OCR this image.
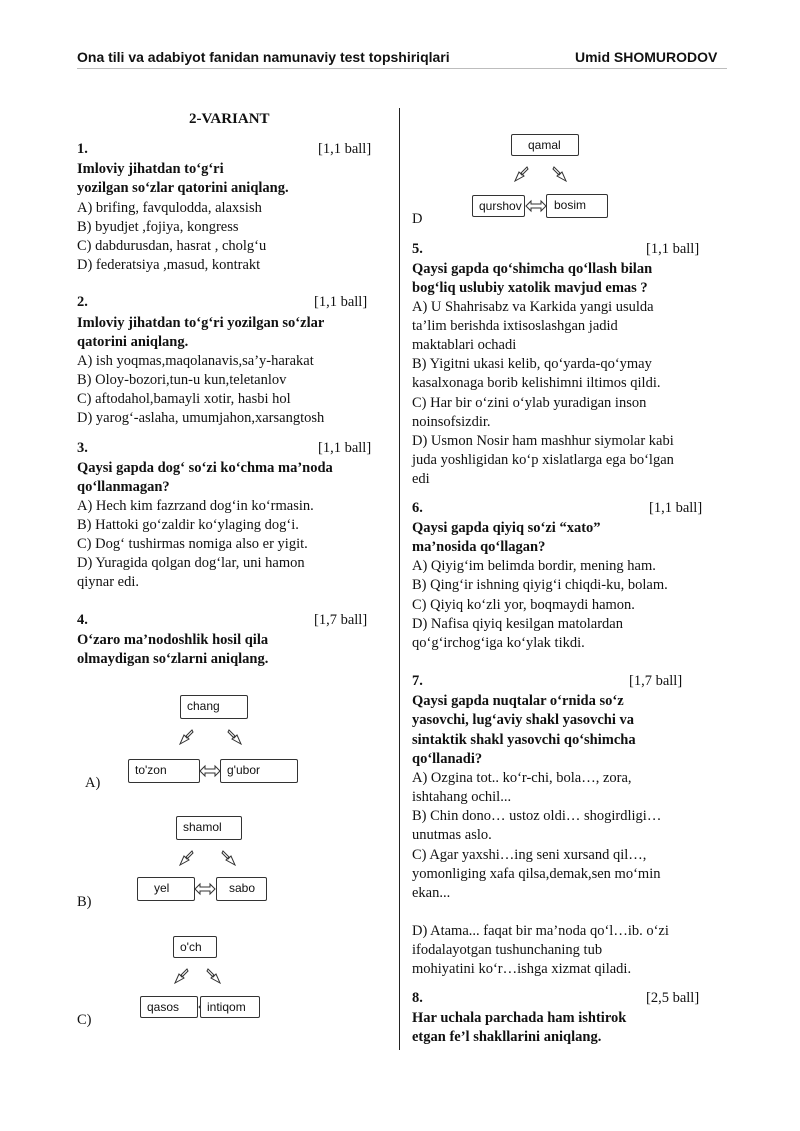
Ona tili va adabiyot fanidan namunaviy test topshiriqlari	Umid SHOMURODOV
2-VARIANT
1.	[1,1 ball]
Imloviy jihatdan to‘g‘ri
yozilgan so‘zlar qatorini aniqlang.
A) brifing, favqulodda, alaxsish
B) byudjet ,fojiya, kongress
C) dabdurusdan, hasrat , cholg‘u
D) federatsiya ,masud, kontrakt
2.	[1,1 ball]
Imloviy jihatdan to‘g‘ri yozilgan so‘zlar
qatorini aniqlang.
A) ish yoqmas,maqolanavis,sa’y-harakat
B) Oloy-bozori,tun-u kun,teletanlov
C) aftodahol,bamayli xotir, hasbi hol
D) yarog‘-aslaha, umumjahon,xarsangtosh
3.	[1,1 ball]
Qaysi gapda dog‘ so‘zi ko‘chma ma’noda
qo‘llanmagan?
A) Hech kim fazrzand dog‘in ko‘rmasin.
B) Hattoki go‘zaldir ko‘ylaging dog‘i.
C) Dog‘ tushirmas nomiga also er yigit.
D) Yuragida qolgan dog‘lar, uni hamon
qiynar edi.
4.	[1,7 ball]
O‘zaro ma’nodoshlik hosil qila
olmaydigan so‘zlarni aniqlang.
chang
to'zon	g'ubor
A)
shamol
yel	sabo
B)
o'ch
qasos	intiqom
C)
qamal
qurshov	bosim
D
5.	[1,1 ball]
Qaysi gapda qo‘shimcha qo‘llash bilan
bog‘liq uslubiy xatolik mavjud emas ?
A) U Shahrisabz va Karkida yangi usulda
ta’lim berishda ixtisoslashgan jadid
maktablari ochadi
B) Yigitni ukasi kelib, qo‘yarda-qo‘ymay
kasalxonaga borib kelishimni iltimos qildi.
C) Har bir o‘zini o‘ylab yuradigan inson
noinsofsizdir.
D) Usmon Nosir ham mashhur siymolar kabi
juda yoshligidan ko‘p xislatlarga ega bo‘lgan
edi
6.	[1,1 ball]
Qaysi gapda qiyiq so‘zi “xato”
ma’nosida qo‘llagan?
A) Qiyig‘im belimda bordir, mening ham.
B) Qing‘ir ishning qiyig‘i chiqdi-ku, bolam.
C) Qiyiq ko‘zli yor, boqmaydi hamon.
D) Nafisa qiyiq kesilgan matolardan
qo‘g‘irchog‘iga ko‘ylak tikdi.
7.	[1,7 ball]
Qaysi gapda nuqtalar o‘rnida so‘z
yasovchi, lug‘aviy shakl yasovchi va
sintaktik shakl yasovchi qo‘shimcha
qo‘llanadi?
A) Ozgina tot.. ko‘r-chi, bola…, zora,
ishtahang ochil...
B) Chin dono… ustoz oldi… shogirdligi…
unutmas aslo.
C) Agar yaxshi…ing seni xursand qil…,
yomonliging xafa qilsa,demak,sen mo‘min
ekan...
D) Atama... faqat bir ma’noda qo‘l…ib. o‘zi
ifodalayotgan tushunchaning tub
mohiyatini ko‘r…ishga xizmat qiladi.
8.	[2,5 ball]
Har uchala parchada ham ishtirok
etgan fe’l shakllarini aniqlang.
